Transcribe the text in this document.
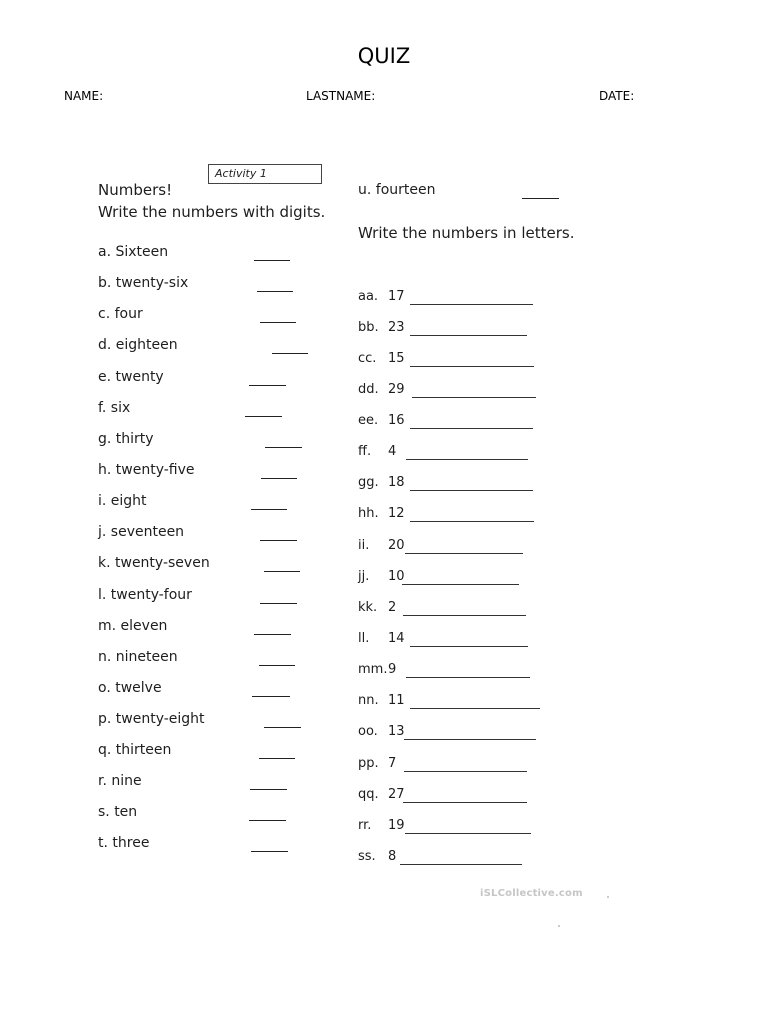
QUIZ
NAME:	LASTNAME:	DATE:
Activity 1
Numbers!
Write the numbers with digits.
Write the numbers in letters.
a. Sixteen
b. twenty-six
c. four
d. eighteen
e. twenty
f. six
g. thirty
h. twenty-five
i. eight
j. seventeen
k. twenty-seven
l. twenty-four
m. eleven
n. nineteen
o. twelve
p. twenty-eight
q. thirteen
r. nine
s. ten
t. three
u. fourteen
aa. 17
bb. 23
cc. 15
dd. 29
ee. 16
ff. 4
gg. 18
hh. 12
ii. 20
jj. 10
kk. 2
ll. 14
mm. 9
nn. 11
oo. 13
pp. 7
qq. 27
rr. 19
ss. 8
iSLCollective.com
